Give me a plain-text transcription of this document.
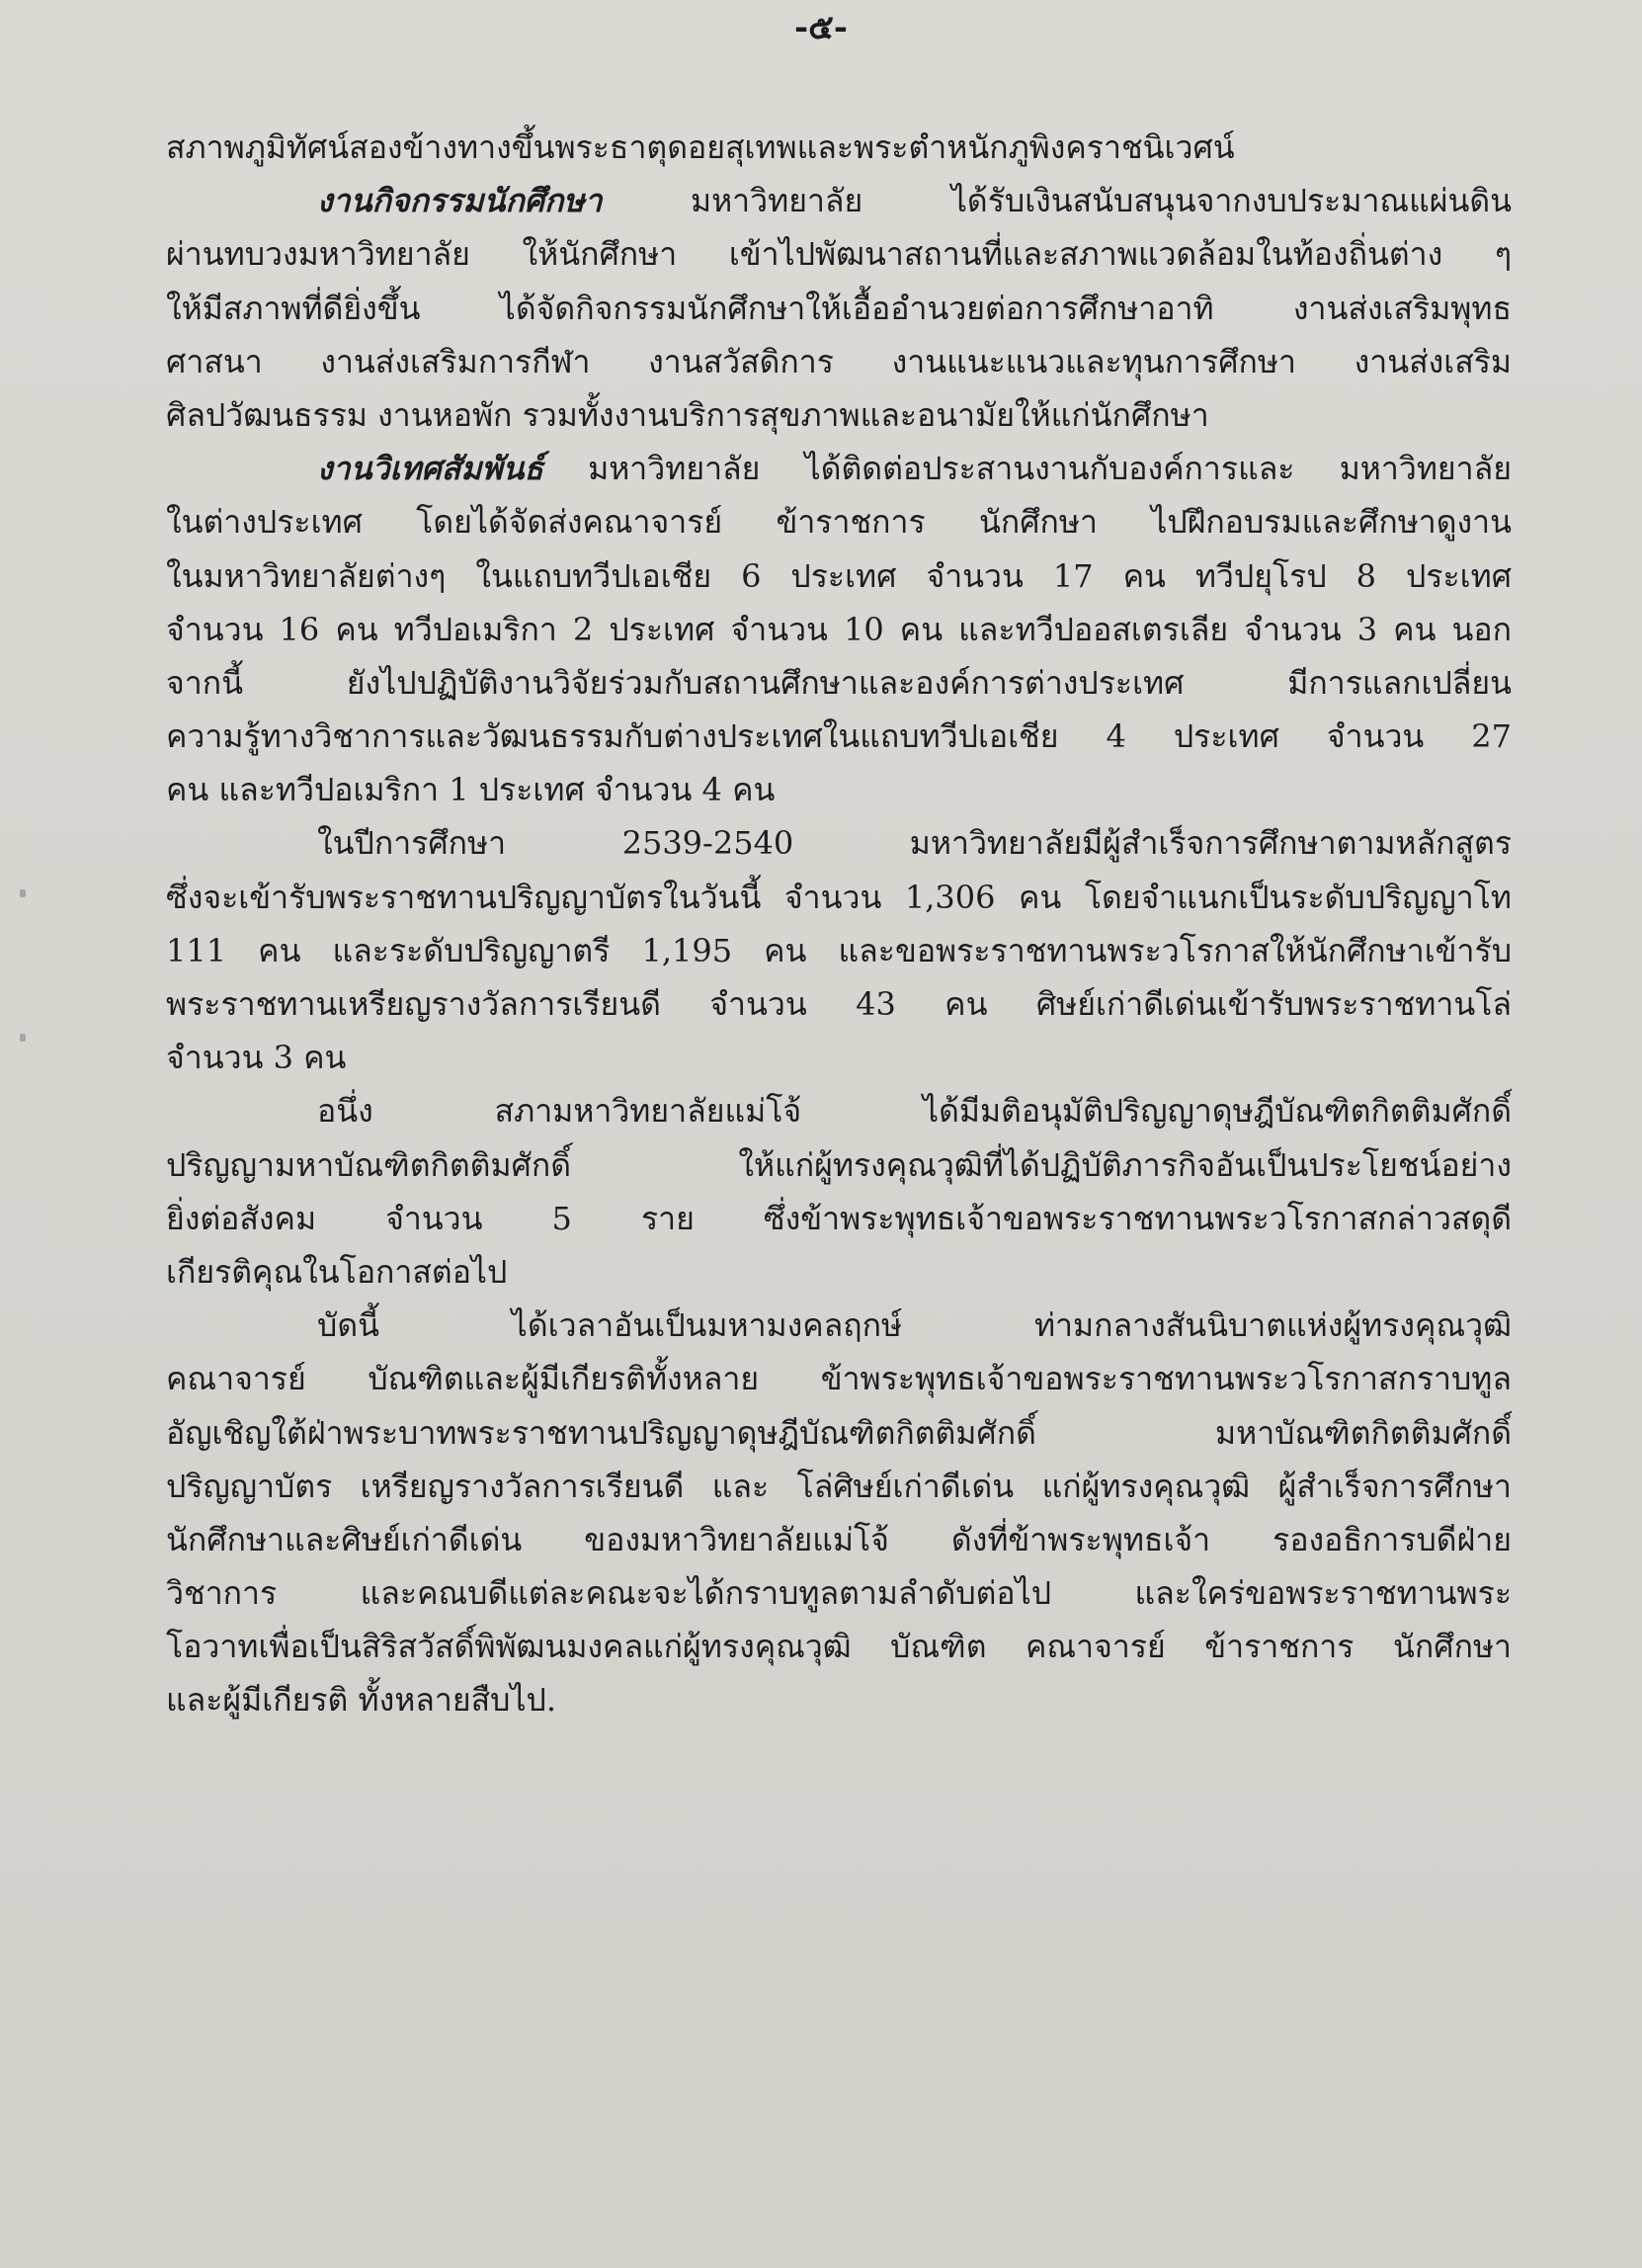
-๕-
สภาพภูมิทัศน์สองข้างทางขึ้นพระธาตุดอยสุเทพและพระตำหนักภูพิงคราชนิเวศน์
งานกิจกรรมนักศึกษา มหาวิทยาลัย ได้รับเงินสนับสนุนจากงบประมาณแผ่นดิน
ผ่านทบวงมหาวิทยาลัย ให้นักศึกษา เข้าไปพัฒนาสถานที่และสภาพแวดล้อมในท้องถิ่นต่าง ๆ
ให้มีสภาพที่ดียิ่งขึ้น ได้จัดกิจกรรมนักศึกษาให้เอื้ออำนวยต่อการศึกษาอาทิ งานส่งเสริมพุทธ
ศาสนา งานส่งเสริมการกีฬา งานสวัสดิการ งานแนะแนวและทุนการศึกษา งานส่งเสริม
ศิลปวัฒนธรรม งานหอพัก รวมทั้งงานบริการสุขภาพและอนามัยให้แก่นักศึกษา
งานวิเทศสัมพันธ์ มหาวิทยาลัย ได้ติดต่อประสานงานกับองค์การและ มหาวิทยาลัย
ในต่างประเทศ โดยได้จัดส่งคณาจารย์ ข้าราชการ นักศึกษา ไปฝึกอบรมและศึกษาดูงาน
ในมหาวิทยาลัยต่างๆ ในแถบทวีปเอเชีย 6 ประเทศ จำนวน 17 คน ทวีปยุโรป 8 ประเทศ
จำนวน 16 คน ทวีปอเมริกา 2 ประเทศ จำนวน 10 คน และทวีปออสเตรเลีย จำนวน 3 คน นอก
จากนี้ ยังไปปฏิบัติงานวิจัยร่วมกับสถานศึกษาและองค์การต่างประเทศ มีการแลกเปลี่ยน
ความรู้ทางวิชาการและวัฒนธรรมกับต่างประเทศในแถบทวีปเอเชีย 4 ประเทศ จำนวน 27
คน และทวีปอเมริกา 1 ประเทศ จำนวน 4 คน
ในปีการศึกษา 2539-2540 มหาวิทยาลัยมีผู้สำเร็จการศึกษาตามหลักสูตร
ซึ่งจะเข้ารับพระราชทานปริญญาบัตรในวันนี้ จำนวน 1,306 คน โดยจำแนกเป็นระดับปริญญาโท
111 คน และระดับปริญญาตรี 1,195 คน และขอพระราชทานพระวโรกาสให้นักศึกษาเข้ารับ
พระราชทานเหรียญรางวัลการเรียนดี จำนวน 43 คน ศิษย์เก่าดีเด่นเข้ารับพระราชทานโล่
จำนวน 3 คน
อนึ่ง สภามหาวิทยาลัยแม่โจ้ ได้มีมติอนุมัติปริญญาดุษฎีบัณฑิตกิตติมศักดิ์
ปริญญามหาบัณฑิตกิตติมศักดิ์ ให้แก่ผู้ทรงคุณวุฒิที่ได้ปฏิบัติภารกิจอันเป็นประโยชน์อย่าง
ยิ่งต่อสังคม จำนวน 5 ราย ซึ่งข้าพระพุทธเจ้าขอพระราชทานพระวโรกาสกล่าวสดุดี
เกียรติคุณในโอกาสต่อไป
บัดนี้ ได้เวลาอันเป็นมหามงคลฤกษ์ ท่ามกลางสันนิบาตแห่งผู้ทรงคุณวุฒิ
คณาจารย์ บัณฑิตและผู้มีเกียรติทั้งหลาย ข้าพระพุทธเจ้าขอพระราชทานพระวโรกาสกราบทูล
อัญเชิญใต้ฝ่าพระบาทพระราชทานปริญญาดุษฎีบัณฑิตกิตติมศักดิ์ มหาบัณฑิตกิตติมศักดิ์
ปริญญาบัตร เหรียญรางวัลการเรียนดี และ โล่ศิษย์เก่าดีเด่น แก่ผู้ทรงคุณวุฒิ ผู้สำเร็จการศึกษา
นักศึกษาและศิษย์เก่าดีเด่น ของมหาวิทยาลัยแม่โจ้ ดังที่ข้าพระพุทธเจ้า รองอธิการบดีฝ่าย
วิชาการ และคณบดีแต่ละคณะจะได้กราบทูลตามลำดับต่อไป และใคร่ขอพระราชทานพระ
โอวาทเพื่อเป็นสิริสวัสดิ์พิพัฒนมงคลแก่ผู้ทรงคุณวุฒิ บัณฑิต คณาจารย์ ข้าราชการ นักศึกษา
และผู้มีเกียรติ ทั้งหลายสืบไป.
